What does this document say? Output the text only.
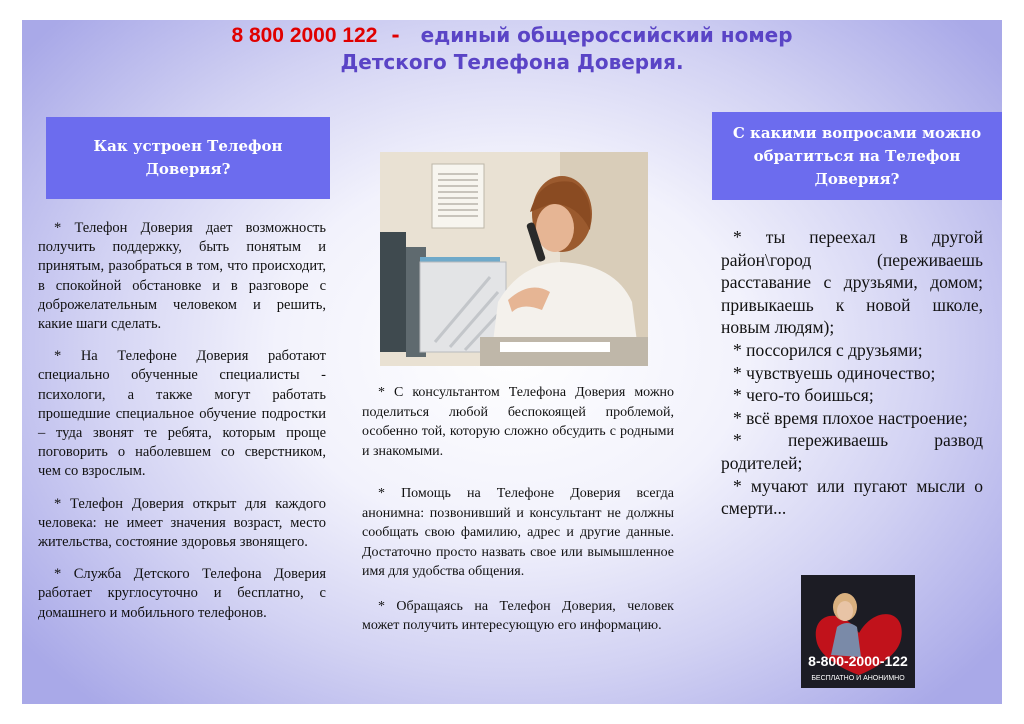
8 800 2000 122 - единый общероссийский номер
Детского Телефона Доверия.
Как устроен Телефон Доверия?
С какими вопросами можно обратиться на Телефон Доверия?

* Телефон Доверия дает возможность получить поддержку, быть понятым и принятым, разобраться в том, что происходит, в спокойной обстановке и в разговоре с доброжелательным человеком и решить, какие шаги сделать.

* На Телефоне Доверия работают специально обученные специалисты - психологи, а также могут работать прошедшие специальное обучение подростки – туда звонят те ребята, которым проще поговорить о наболевшем со сверстником, чем со взрослым.

* Телефон Доверия открыт для каждого человека: не имеет значения возраст, место жительства, состояние здоровья звонящего.

* Служба Детского Телефона Доверия работает круглосуточно и бесплатно, с домашнего и мобильного телефонов.

* С консультантом Телефона Доверия можно поделиться любой беспокоящей проблемой, особенно той, которую сложно обсудить с родными и знакомыми.

* Помощь на Телефоне Доверия всегда анонимна: позвонивший и консультант не должны сообщать свою фамилию, адрес и другие данные. Достаточно просто назвать свое или вымышленное имя для удобства общения.

* Обращаясь на Телефон Доверия, человек может получить интересующую его информацию.

* ты переехал в другой район\город (переживаешь расставание с друзьями, домом; привыкаешь к новой школе, новым людям);

* поссорился с друзьями;

* чувствуешь одиночество;

* чего-то боишься;

* всё время плохое настроение;

* переживаешь развод родителей;

* мучают или пугают мысли о смерти...

8-800-2000-122
БЕСПЛАТНО И АНОНИМНО
